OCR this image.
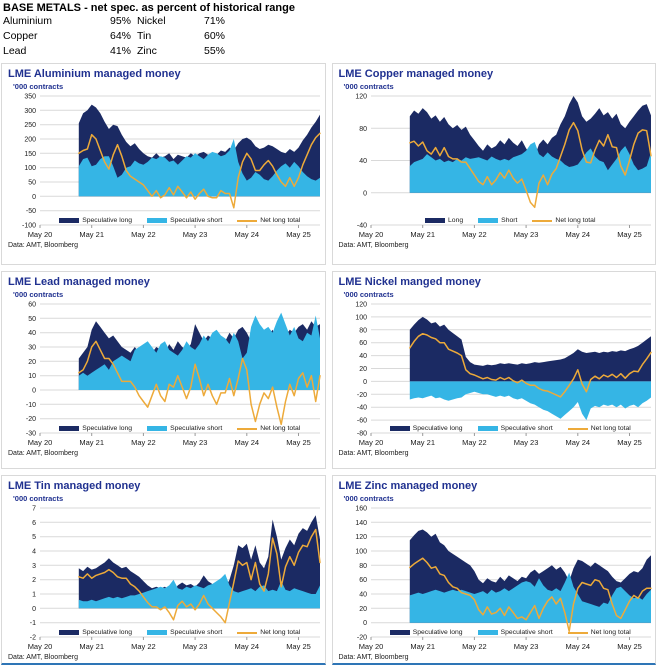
BASE METALS - net spec. as percent of historical range
Aluminium	95% Nickel	71%
Copper	64% Tin	60%
Lead	41% Zinc	55%
LME Aluminium managed money
'000 contracts
350
300
250
200
150
100
50
0
-50
-100
May 20	May 21	May 22	May 23	May 24	May 25
Speculative long	Speculative short	Net long total
Data: AMT, Bloomberg
LME Copper managed money
'000 contracts
120
80
40
0
-40
May 20	May 21	May 22	May 23	May 24	May 25
Long	Short	Net long total
Data: AMT, Bloomberg
LME Lead managed money
'000 contracts
60
50
40
30
20
10
0
-10
-20
-30
May 20	May 21	May 22	May 23	May 24	May 25
Speculative long	Speculative short	Net long total
Data: AMT, Bloomberg
LME Nickel manged money
'000 contracts
120
100
80
60
40
20
0
-20
-40
-60
-80
May 20	May 21	May 22	May 23	May 24	May 25
Speculative long	Speculative short	Net long total
Data: AMT, Bloomberg
LME Tin managed money
'000 contracts
7
6
5
4
3
2
1
0
-1
-2
May 20	May 21	May 22	May 23	May 24	May 25
Speculative long	Speculative short	Net long total
Data: AMT, Bloomberg
LME Zinc managed money
'000 contracts
160
140
120
100
80
60
40
20
0
-20
May 20	May 21	May 22	May 23	May 24	May 25
Speculative long	Speculative short	Net long total
Data: AMT, Bloomberg
